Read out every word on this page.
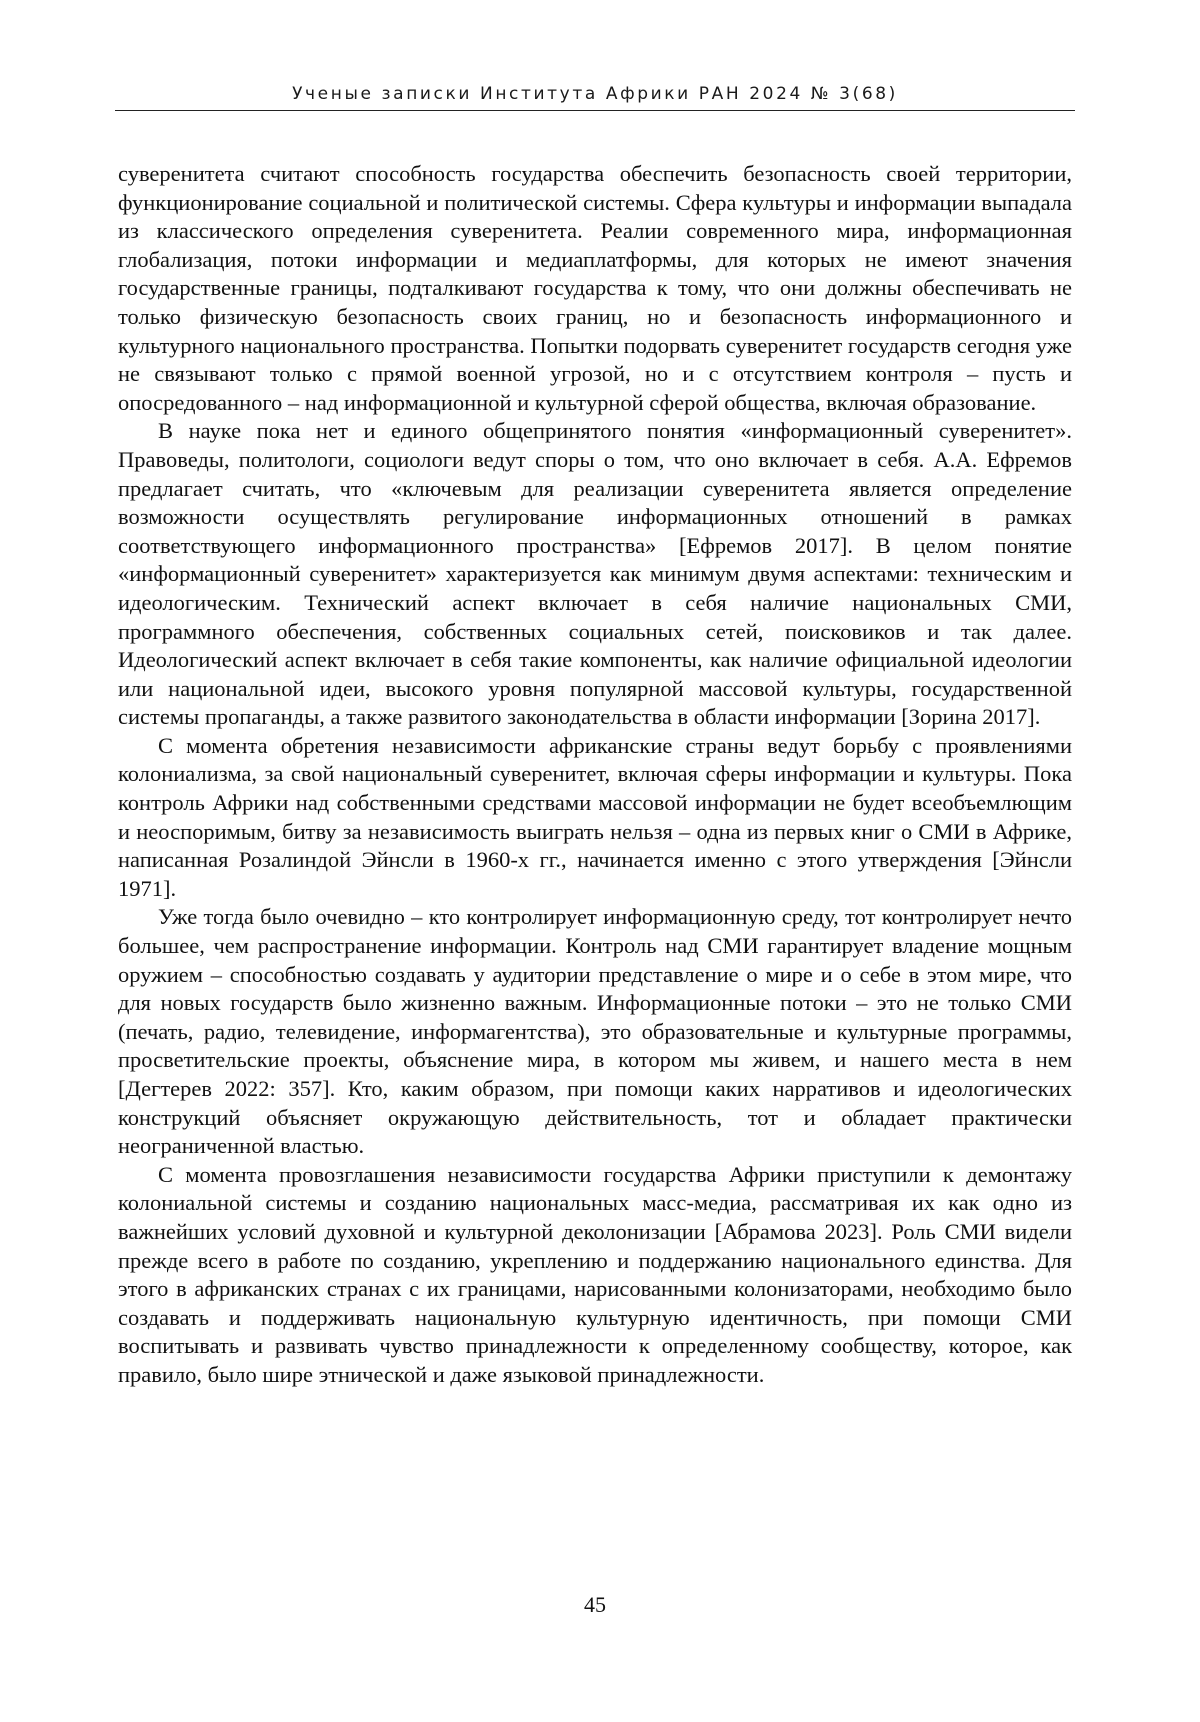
Ученые записки Института Африки РАН 2024 № 3(68)

суверенитета считают способность государства обеспечить безопасность своей территории, функционирование социальной и политической системы. Сфера культуры и информации выпадала из классического определения суверенитета. Реалии современного мира, информационная глобализация, потоки информации и медиаплатформы, для которых не имеют значения государственные границы, подталкивают государства к тому, что они должны обеспечивать не только физическую безопасность своих границ, но и безопасность информационного и культурного национального пространства. Попытки подорвать суверенитет государств сегодня уже не связывают только с прямой военной угрозой, но и с отсутствием контроля – пусть и опосредованного – над информационной и культурной сферой общества, включая образование.

В науке пока нет и единого общепринятого понятия «информационный суверенитет». Правоведы, политологи, социологи ведут споры о том, что оно включает в себя. А.А. Ефремов предлагает считать, что «ключевым для реализации суверенитета является определение возможности осуществлять регулирование информационных отношений в рамках соответствующего информационного пространства» [Ефремов 2017]. В целом понятие «информационный суверенитет» характеризуется как минимум двумя аспектами: техническим и идеологическим. Технический аспект включает в себя наличие национальных СМИ, программного обеспечения, собственных социальных сетей, поисковиков и так далее. Идеологический аспект включает в себя такие компоненты, как наличие официальной идеологии или национальной идеи, высокого уровня популярной массовой культуры, государственной системы пропаганды, а также развитого законодательства в области информации [Зорина 2017].

С момента обретения независимости африканские страны ведут борьбу с проявлениями колониализма, за свой национальный суверенитет, включая сферы информации и культуры. Пока контроль Африки над собственными средствами массовой информации не будет всеобъемлющим и неоспоримым, битву за независимость выиграть нельзя – одна из первых книг о СМИ в Африке, написанная Розалиндой Эйнсли в 1960-х гг., начинается именно с этого утверждения [Эйнсли 1971].

Уже тогда было очевидно – кто контролирует информационную среду, тот контролирует нечто большее, чем распространение информации. Контроль над СМИ гарантирует владение мощным оружием – способностью создавать у аудитории представление о мире и о себе в этом мире, что для новых государств было жизненно важным. Информационные потоки – это не только СМИ (печать, радио, телевидение, информагентства), это образовательные и культурные программы, просветительские проекты, объяснение мира, в котором мы живем, и нашего места в нем [Дегтерев 2022: 357]. Кто, каким образом, при помощи каких нарративов и идеологических конструкций объясняет окружающую действительность, тот и обладает практически неограниченной властью.

С момента провозглашения независимости государства Африки приступили к демонтажу колониальной системы и созданию национальных масс-медиа, рассматривая их как одно из важнейших условий духовной и культурной деколонизации [Абрамова 2023]. Роль СМИ видели прежде всего в работе по созданию, укреплению и поддержанию национального единства. Для этого в африканских странах с их границами, нарисованными колонизаторами, необходимо было создавать и поддерживать национальную культурную идентичность, при помощи СМИ воспитывать и развивать чувство принадлежности к определенному сообществу, которое, как правило, было шире этнической и даже языковой принадлежности.

45
